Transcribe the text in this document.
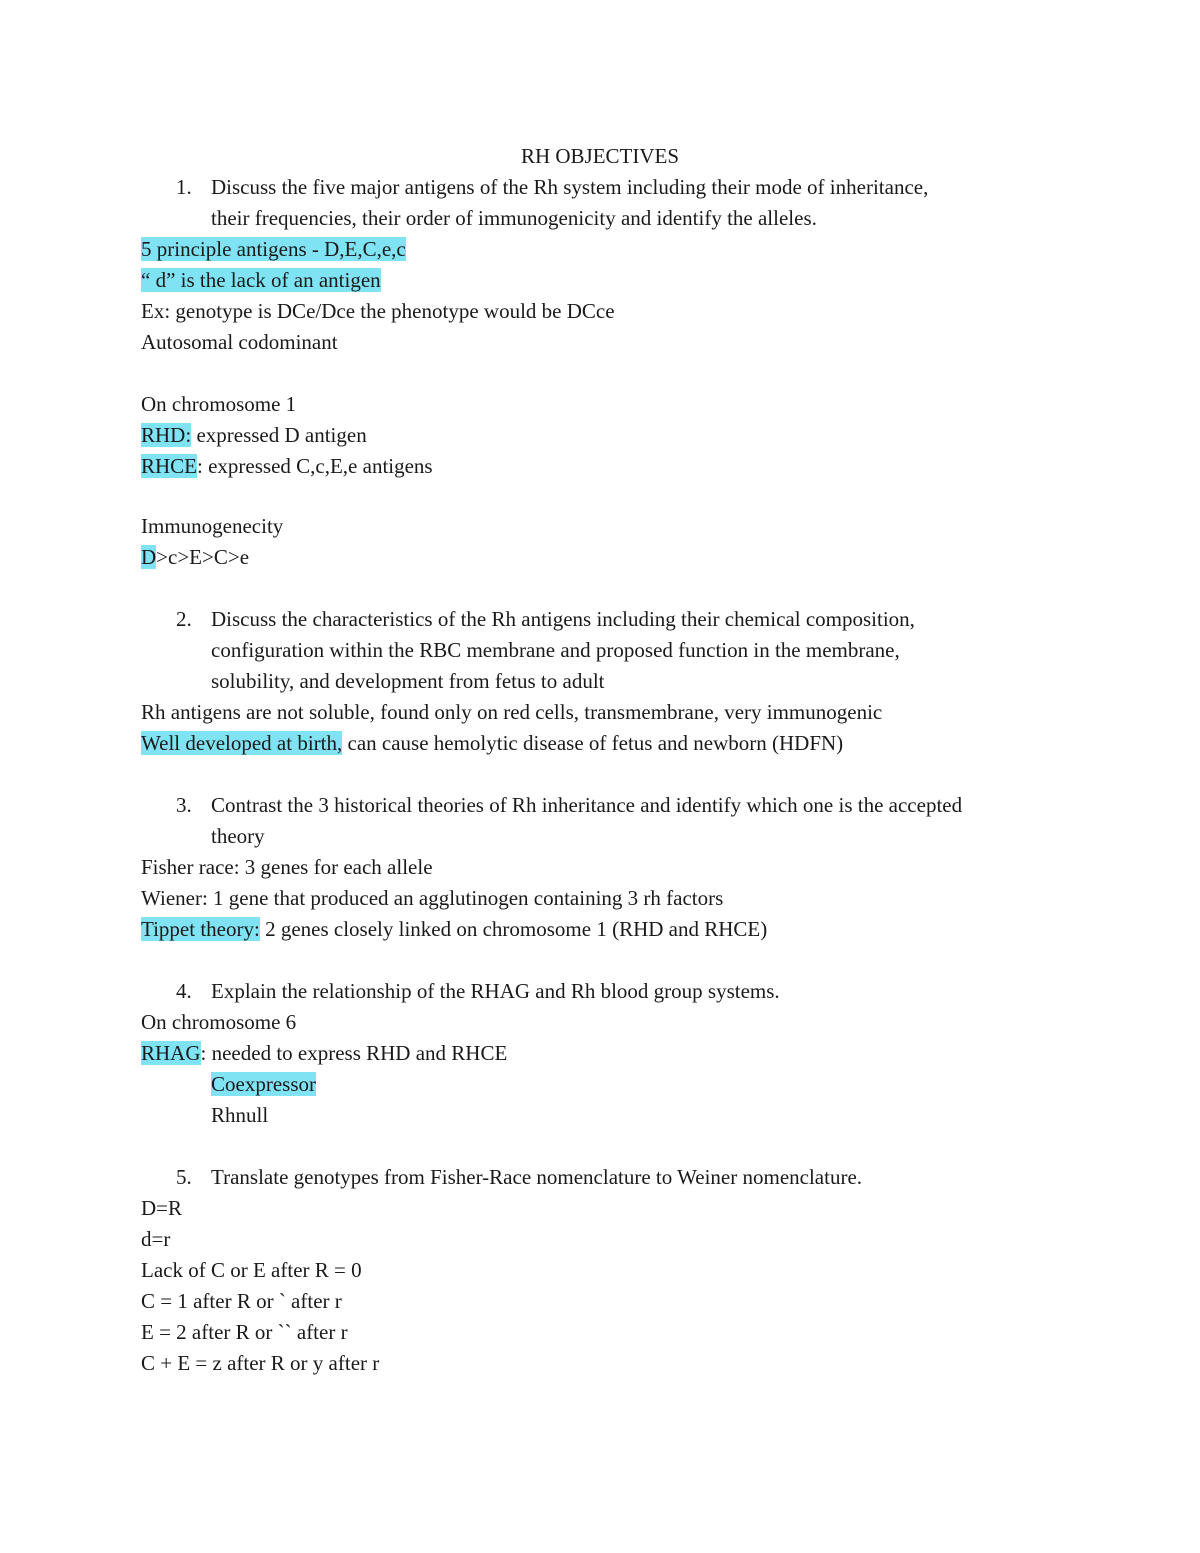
RH OBJECTIVES
1. Discuss the five major antigens of the Rh system including their mode of inheritance,
their frequencies, their order of immunogenicity and identify the alleles.
5 principle antigens - D,E,C,e,c
“ d” is the lack of an antigen
Ex: genotype is DCe/Dce the phenotype would be DCce
Autosomal codominant
On chromosome 1
RHD: expressed D antigen
RHCE: expressed C,c,E,e antigens
Immunogenecity
D>c>E>C>e
2. Discuss the characteristics of the Rh antigens including their chemical composition,
configuration within the RBC membrane and proposed function in the membrane,
solubility, and development from fetus to adult
Rh antigens are not soluble, found only on red cells, transmembrane, very immunogenic
Well developed at birth, can cause hemolytic disease of fetus and newborn (HDFN)
3. Contrast the 3 historical theories of Rh inheritance and identify which one is the accepted
theory
Fisher race: 3 genes for each allele
Wiener: 1 gene that produced an agglutinogen containing 3 rh factors
Tippet theory: 2 genes closely linked on chromosome 1 (RHD and RHCE)
4. Explain the relationship of the RHAG and Rh blood group systems.
On chromosome 6
RHAG: needed to express RHD and RHCE
Coexpressor
Rhnull
5. Translate genotypes from Fisher-Race nomenclature to Weiner nomenclature.
D=R
d=r
Lack of C or E after R = 0
C = 1 after R or ` after r
E = 2 after R or `` after r
C + E = z after R or y after r
